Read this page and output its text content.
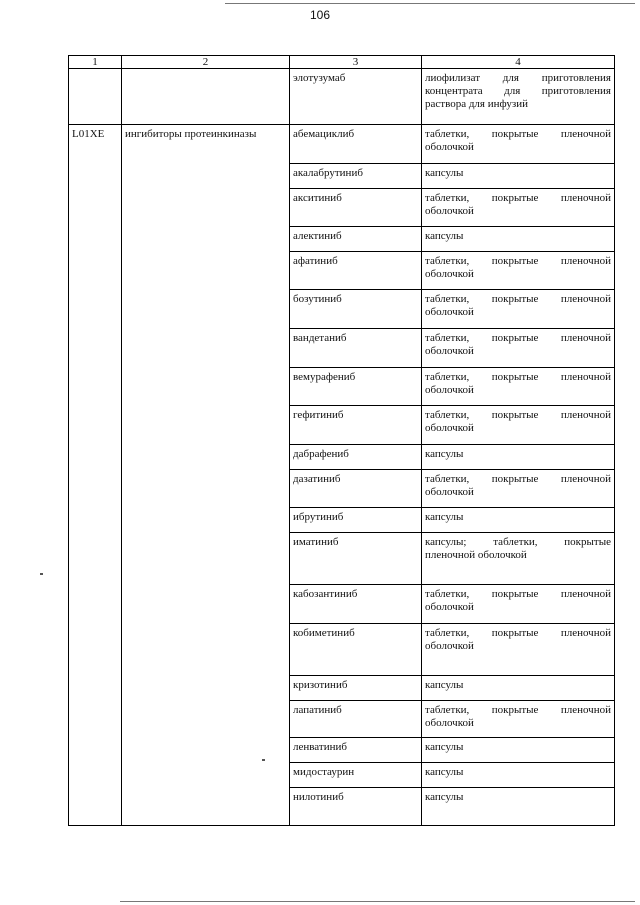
106
1	2	3	4
		элотузумаб	лиофилизат для приготовления концентрата для приготовления раствора для инфузий
L01XE	ингибиторы протеинкиназы	абемациклиб	таблетки, покрытые пленочной оболочкой
		акалабрутиниб	капсулы
		акситиниб	таблетки, покрытые пленочной оболочкой
		алектиниб	капсулы
		афатиниб	таблетки, покрытые пленочной оболочкой
		бозутиниб	таблетки, покрытые пленочной оболочкой
		вандетаниб	таблетки, покрытые пленочной оболочкой
		вемурафениб	таблетки, покрытые пленочной оболочкой
		гефитиниб	таблетки, покрытые пленочной оболочкой
		дабрафениб	капсулы
		дазатиниб	таблетки, покрытые пленочной оболочкой
		ибрутиниб	капсулы
		иматиниб	капсулы; таблетки, покрытые пленочной оболочкой
		кабозантиниб	таблетки, покрытые пленочной оболочкой
		кобиметиниб	таблетки, покрытые пленочной оболочкой
		кризотиниб	капсулы
		лапатиниб	таблетки, покрытые пленочной оболочкой
		ленватиниб	капсулы
		мидостаурин	капсулы
		нилотиниб	капсулы
